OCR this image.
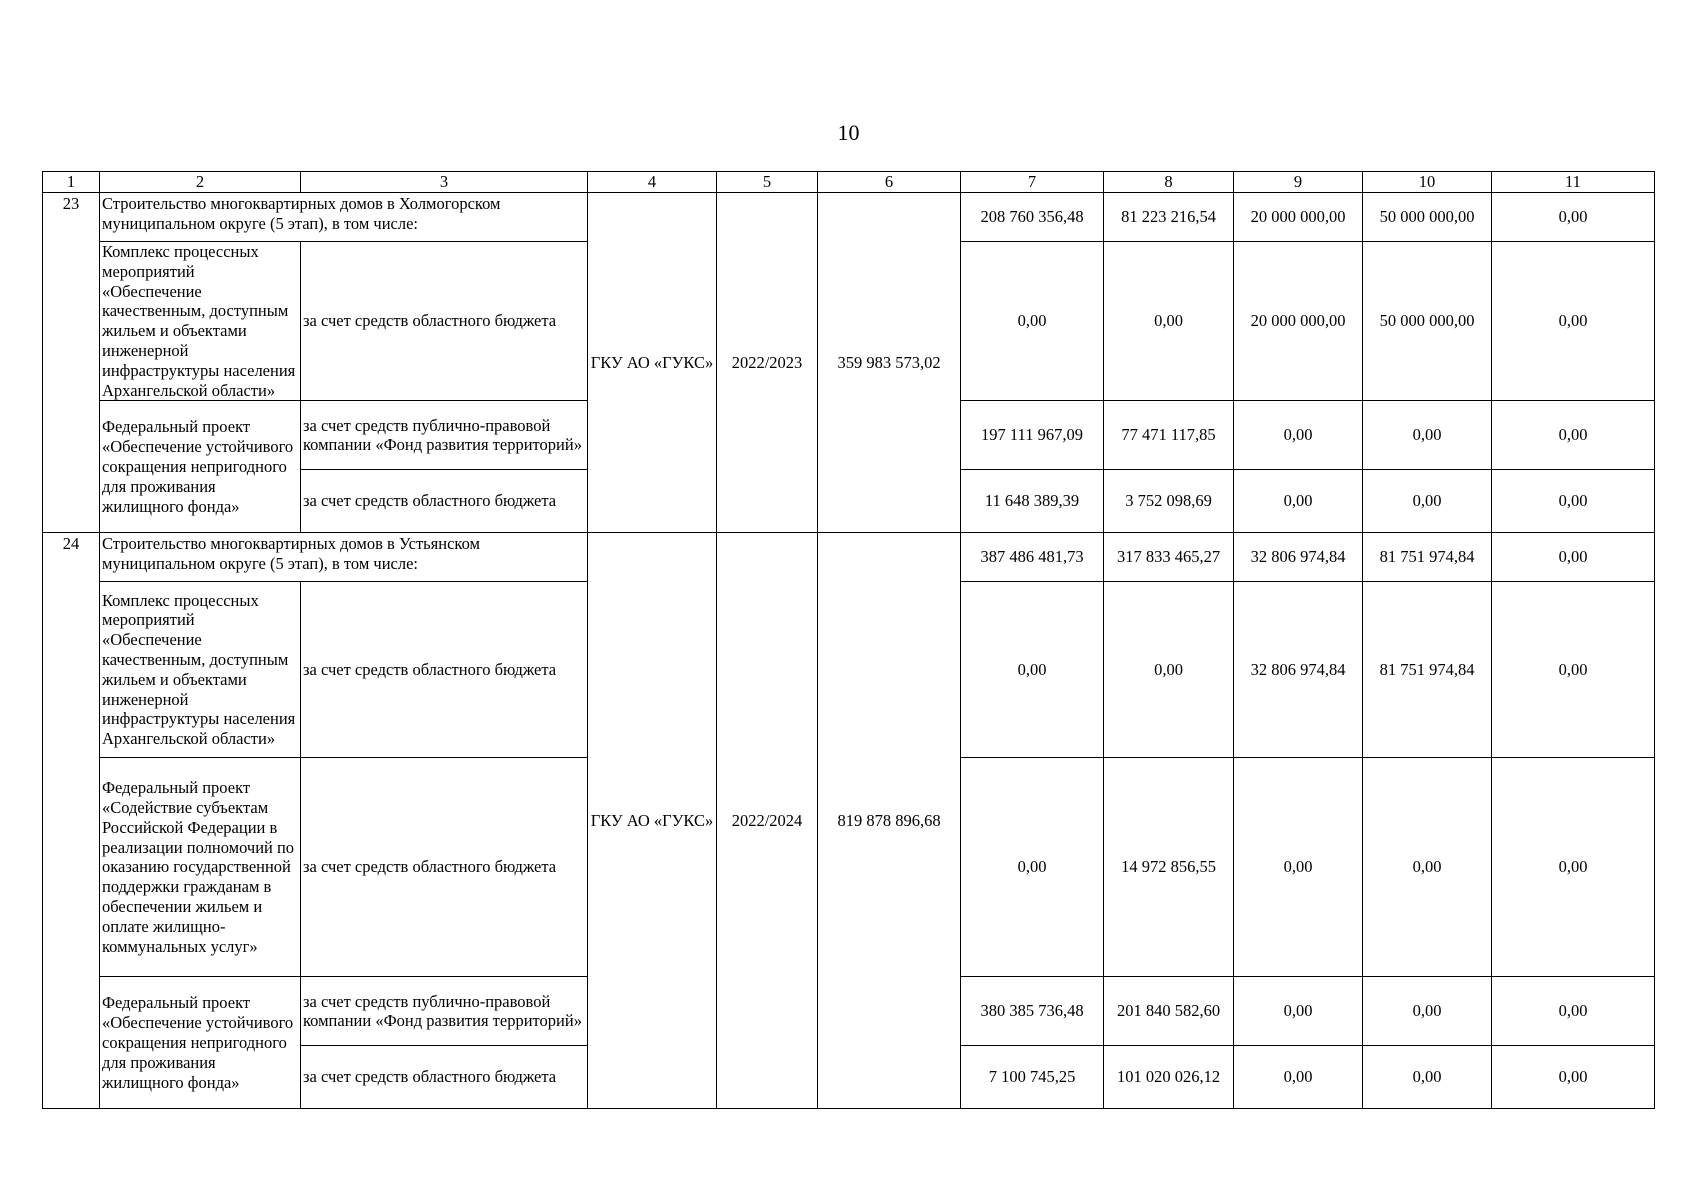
10
1	2	3	4	5	6	7	8	9	10	11
23	Строительство многоквартирных домов в Холмогорском муниципальном округе (5 этап), в том числе:		ГКУ АО «ГУКС»	2022/2023	359 983 573,02	208 760 356,48	81 223 216,54	20 000 000,00	50 000 000,00	0,00
	Комплекс процессных мероприятий «Обеспечение качественным, доступным жильем и объектами инженерной инфраструктуры населения Архангельской области»	за счет средств областного бюджета				0,00	0,00	20 000 000,00	50 000 000,00	0,00
	Федеральный проект «Обеспечение устойчивого сокращения непригодного для проживания жилищного фонда»	за счет средств публично-правовой компании «Фонд развития территорий»				197 111 967,09	77 471 117,85	0,00	0,00	0,00
		за счет средств областного бюджета				11 648 389,39	3 752 098,69	0,00	0,00	0,00
24	Строительство многоквартирных домов в Устьянском муниципальном округе (5 этап), в том числе:		ГКУ АО «ГУКС»	2022/2024	819 878 896,68	387 486 481,73	317 833 465,27	32 806 974,84	81 751 974,84	0,00
	Комплекс процессных мероприятий «Обеспечение качественным, доступным жильем и объектами инженерной инфраструктуры населения Архангельской области»	за счет средств областного бюджета				0,00	0,00	32 806 974,84	81 751 974,84	0,00
	Федеральный проект «Содействие субъектам Российской Федерации в реализации полномочий по оказанию государственной поддержки гражданам в обеспечении жильем и оплате жилищно-коммунальных услуг»	за счет средств областного бюджета				0,00	14 972 856,55	0,00	0,00	0,00
	Федеральный проект «Обеспечение устойчивого сокращения непригодного для проживания жилищного фонда»	за счет средств публично-правовой компании «Фонд развития территорий»				380 385 736,48	201 840 582,60	0,00	0,00	0,00
		за счет средств областного бюджета				7 100 745,25	101 020 026,12	0,00	0,00	0,00
